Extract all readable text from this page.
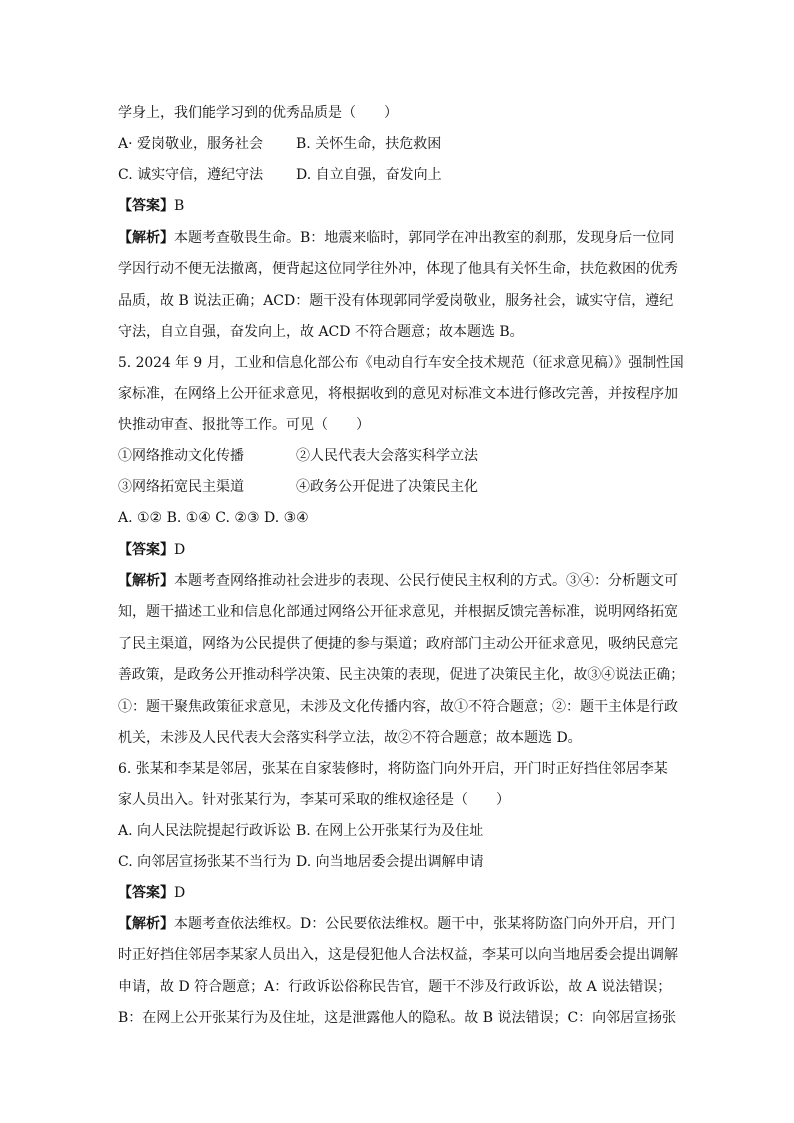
学身上，我们能学习到的优秀品质是（　　）
A· 爱岗敬业，服务社会 B. 关怀生命，扶危救困
C. 诚实守信，遵纪守法 D. 自立自强，奋发向上
【答案】B
【解析】本题考查敬畏生命。B：地震来临时，郭同学在冲出教室的刹那，发现身后一位同
学因行动不便无法撤离，便背起这位同学往外冲，体现了他具有关怀生命，扶危救困的优秀
品质，故 B 说法正确；ACD：题干没有体现郭同学爱岗敬业，服务社会，诚实守信，遵纪
守法，自立自强，奋发向上，故 ACD 不符合题意；故本题选 B。
5. 2024 年 9 月，工业和信息化部公布《电动自行车安全技术规范（征求意见稿）》强制性国
家标准，在网络上公开征求意见，将根据收到的意见对标准文本进行修改完善，并按程序加
快推动审查、报批等工作。可见（　　）
①网络推动文化传播	②人民代表大会落实科学立法
③网络拓宽民主渠道	④政务公开促进了决策民主化
A. ①② B. ①④ C. ②③ D. ③④
【答案】D
【解析】本题考查网络推动社会进步的表现、公民行使民主权利的方式。③④：分析题文可
知，题干描述工业和信息化部通过网络公开征求意见，并根据反馈完善标准，说明网络拓宽
了民主渠道，网络为公民提供了便捷的参与渠道；政府部门主动公开征求意见，吸纳民意完
善政策，是政务公开推动科学决策、民主决策的表现，促进了决策民主化，故③④说法正确；
①：题干聚焦政策征求意见，未涉及文化传播内容，故①不符合题意；②：题干主体是行政
机关，未涉及人民代表大会落实科学立法，故②不符合题意；故本题选 D。
6. 张某和李某是邻居，张某在自家装修时，将防盗门向外开启，开门时正好挡住邻居李某
家人员出入。针对张某行为，李某可采取的维权途径是（　　）
A. 向人民法院提起行政诉讼 B. 在网上公开张某行为及住址
C. 向邻居宣扬张某不当行为 D. 向当地居委会提出调解申请
【答案】D
【解析】本题考查依法维权。D：公民要依法维权。题干中，张某将防盗门向外开启，开门
时正好挡住邻居李某家人员出入，这是侵犯他人合法权益，李某可以向当地居委会提出调解
申请，故 D 符合题意；A：行政诉讼俗称民告官，题干不涉及行政诉讼，故 A 说法错误；
B：在网上公开张某行为及住址，这是泄露他人的隐私。故 B 说法错误；C：向邻居宣扬张
